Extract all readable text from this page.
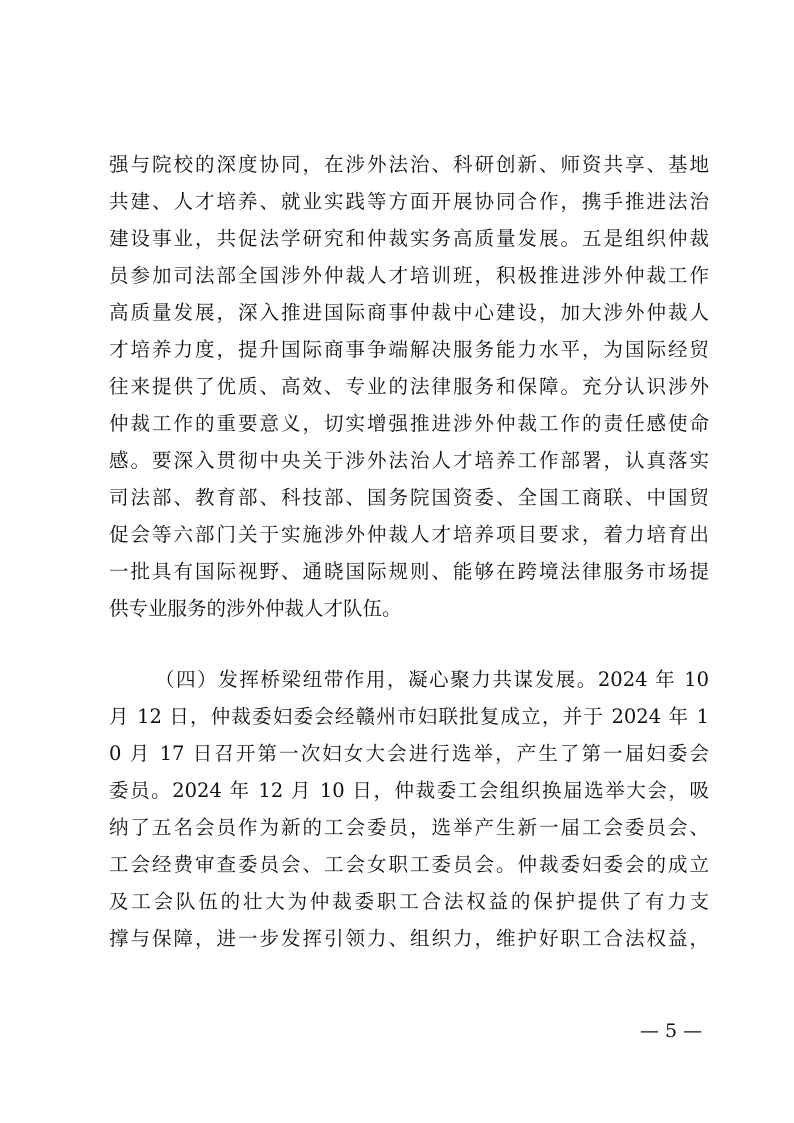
强与院校的深度协同，在涉外法治、科研创新、师资共享、基地
共建、人才培养、就业实践等方面开展协同合作，携手推进法治
建设事业，共促法学研究和仲裁实务高质量发展。五是组织仲裁
员参加司法部全国涉外仲裁人才培训班，积极推进涉外仲裁工作
高质量发展，深入推进国际商事仲裁中心建设，加大涉外仲裁人
才培养力度，提升国际商事争端解决服务能力水平，为国际经贸
往来提供了优质、高效、专业的法律服务和保障。充分认识涉外
仲裁工作的重要意义，切实增强推进涉外仲裁工作的责任感使命
感。要深入贯彻中央关于涉外法治人才培养工作部署，认真落实
司法部、教育部、科技部、国务院国资委、全国工商联、中国贸
促会等六部门关于实施涉外仲裁人才培养项目要求，着力培育出
一批具有国际视野、通晓国际规则、能够在跨境法律服务市场提
供专业服务的涉外仲裁人才队伍。
（四）发挥桥梁纽带作用，凝心聚力共谋发展。2024 年 10
月 12 日，仲裁委妇委会经赣州市妇联批复成立，并于 2024 年 1
0 月 17 日召开第一次妇女大会进行选举，产生了第一届妇委会
委员。2024 年 12 月 10 日，仲裁委工会组织换届选举大会，吸
纳了五名会员作为新的工会委员，选举产生新一届工会委员会、
工会经费审查委员会、工会女职工委员会。仲裁委妇委会的成立
及工会队伍的壮大为仲裁委职工合法权益的保护提供了有力支
撑与保障，进一步发挥引领力、组织力，维护好职工合法权益，
— 5 —
